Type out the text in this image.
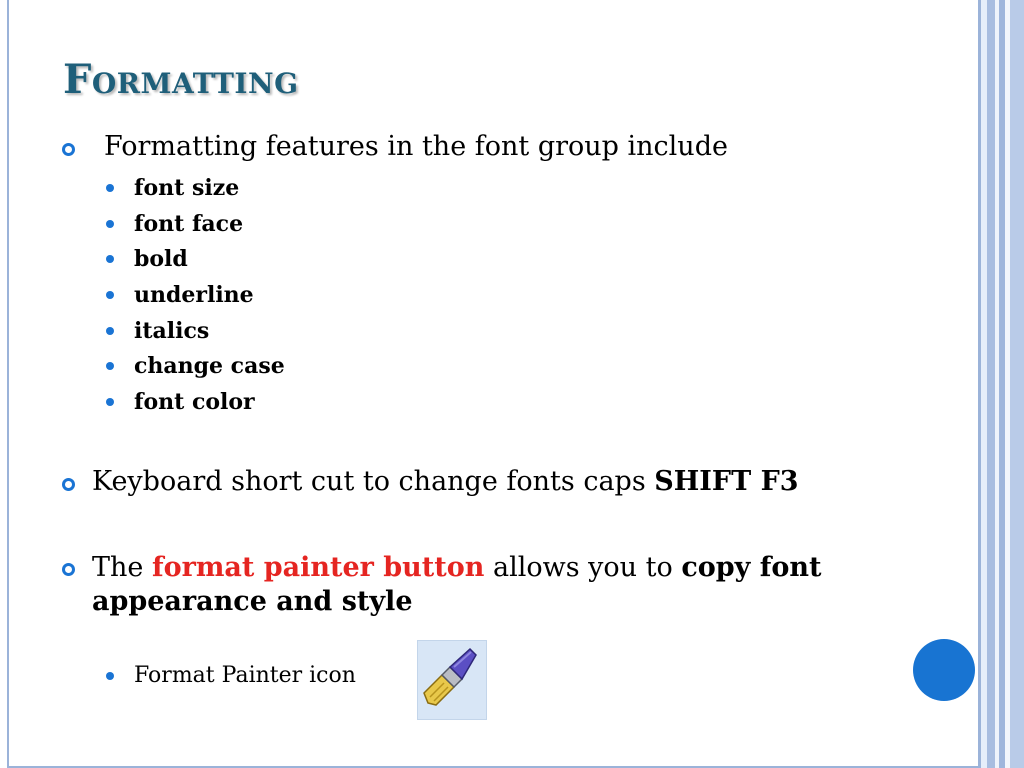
Formatting
Formatting features in the font group include
font size
font face
bold
underline
italics
change case
font color
Keyboard short cut to change fonts caps SHIFT F3
The format painter button allows you to copy font
appearance and style
Format Painter icon
